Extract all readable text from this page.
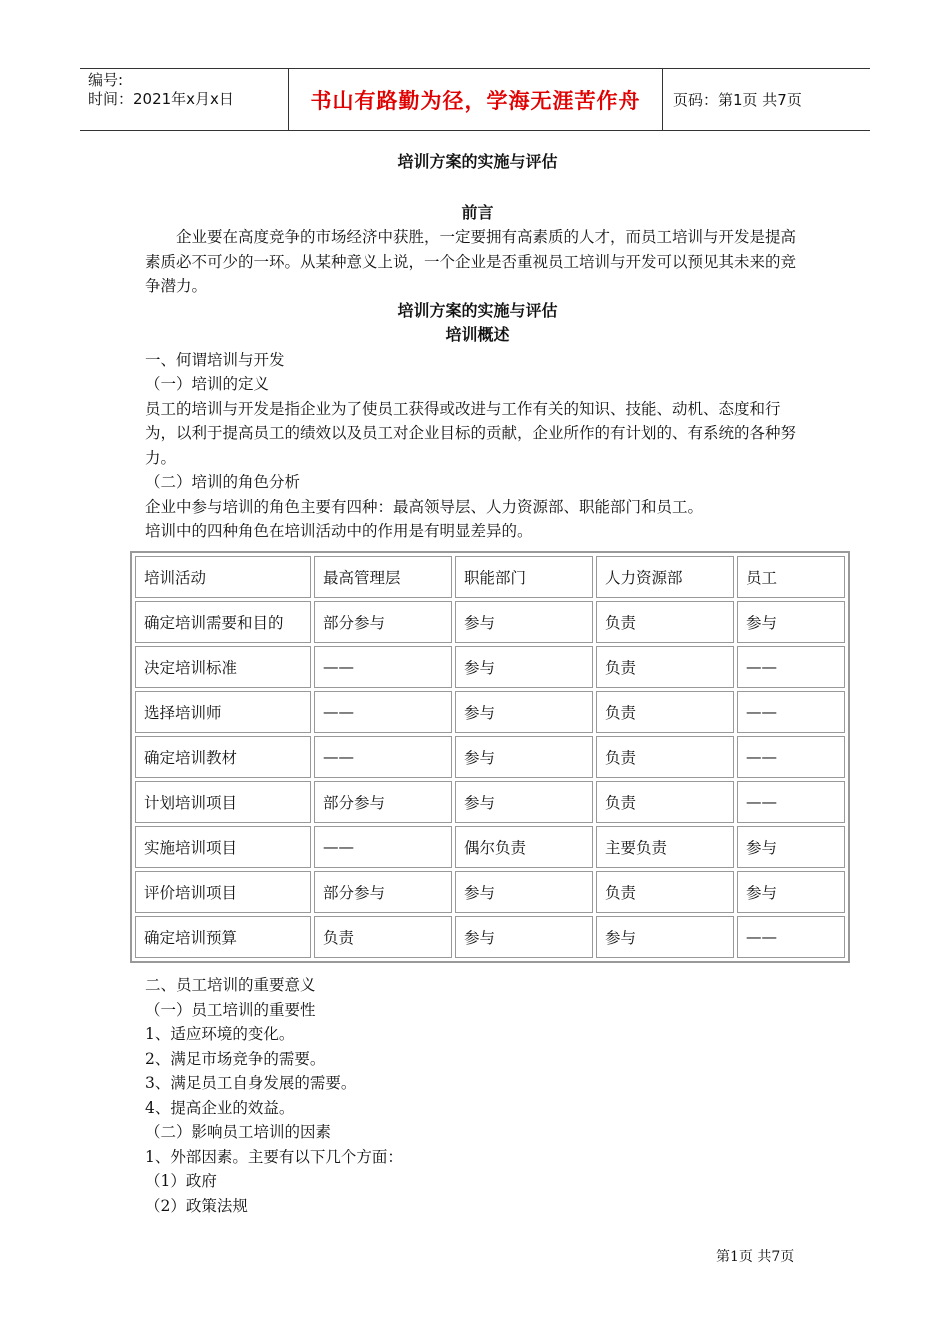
编号:
时间：2021年x月x日	书山有路勤为径，学海无涯苦作舟	页码：第1页 共7页
培训方案的实施与评估
前言

企业要在高度竞争的市场经济中获胜，一定要拥有高素质的人才，而员工培训与开发是提高素质必不可少的一环。从某种意义上说，一个企业是否重视员工培训与开发可以预见其未来的竞争潜力。

培训方案的实施与评估
培训概述

一、何谓培训与开发

（一）培训的定义

员工的培训与开发是指企业为了使员工获得或改进与工作有关的知识、技能、动机、态度和行为，以利于提高员工的绩效以及员工对企业目标的贡献，企业所作的有计划的、有系统的各种努力。

（二）培训的角色分析

企业中参与培训的角色主要有四种：最高领导层、人力资源部、职能部门和员工。

培训中的四种角色在培训活动中的作用是有明显差异的。

培训活动	最高管理层	职能部门	人力资源部	员工
确定培训需要和目的	部分参与	参与	负责	参与
决定培训标准	——	参与	负责	——
选择培训师	——	参与	负责	——
确定培训教材	——	参与	负责	——
计划培训项目	部分参与	参与	负责	——
实施培训项目	——	偶尔负责	主要负责	参与
评价培训项目	部分参与	参与	负责	参与
确定培训预算	负责	参与	参与	——

二、员工培训的重要意义

（一）员工培训的重要性

1、适应环境的变化。

2、满足市场竞争的需要。

3、满足员工自身发展的需要。

4、提高企业的效益。

（二）影响员工培训的因素

1、外部因素。主要有以下几个方面：

（1）政府

（2）政策法规

第1页 共7页
